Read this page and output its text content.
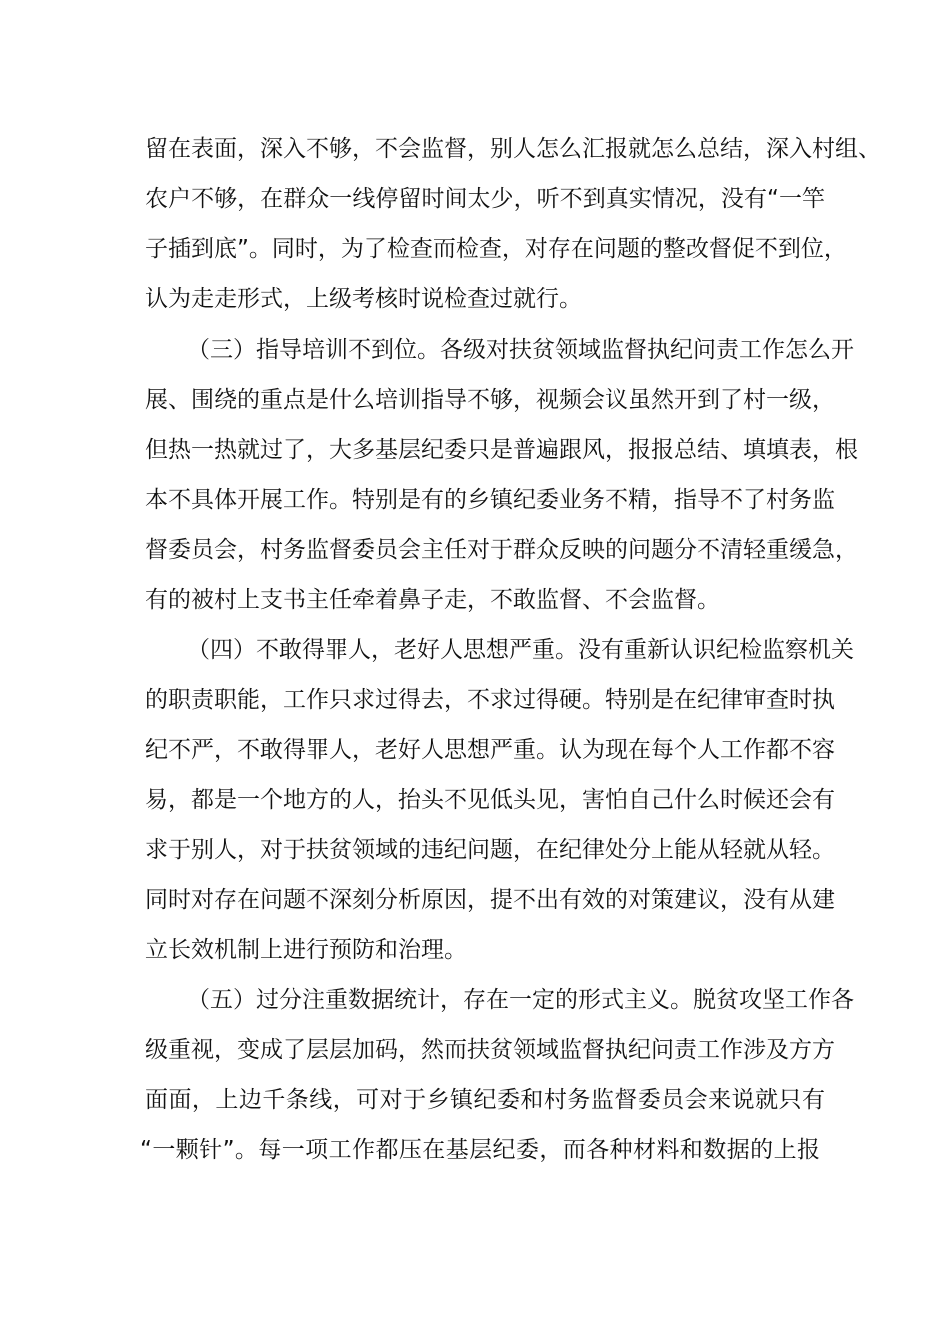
留在表面，深入不够，不会监督，别人怎么汇报就怎么总结，深入村组、
农户不够，在群众一线停留时间太少，听不到真实情况，没有“一竿
子插到底”。同时，为了检查而检查，对存在问题的整改督促不到位，
认为走走形式，上级考核时说检查过就行。
（三）指导培训不到位。各级对扶贫领域监督执纪问责工作怎么开
展、围绕的重点是什么培训指导不够，视频会议虽然开到了村一级，
但热一热就过了，大多基层纪委只是普遍跟风，报报总结、填填表，根
本不具体开展工作。特别是有的乡镇纪委业务不精，指导不了村务监
督委员会，村务监督委员会主任对于群众反映的问题分不清轻重缓急，
有的被村上支书主任牵着鼻子走，不敢监督、不会监督。
（四）不敢得罪人，老好人思想严重。没有重新认识纪检监察机关
的职责职能，工作只求过得去，不求过得硬。特别是在纪律审查时执
纪不严，不敢得罪人，老好人思想严重。认为现在每个人工作都不容
易，都是一个地方的人，抬头不见低头见，害怕自己什么时候还会有
求于别人，对于扶贫领域的违纪问题，在纪律处分上能从轻就从轻。
同时对存在问题不深刻分析原因，提不出有效的对策建议，没有从建
立长效机制上进行预防和治理。
（五）过分注重数据统计，存在一定的形式主义。脱贫攻坚工作各
级重视，变成了层层加码，然而扶贫领域监督执纪问责工作涉及方方
面面，上边千条线，可对于乡镇纪委和村务监督委员会来说就只有
“一颗针”。每一项工作都压在基层纪委，而各种材料和数据的上报
